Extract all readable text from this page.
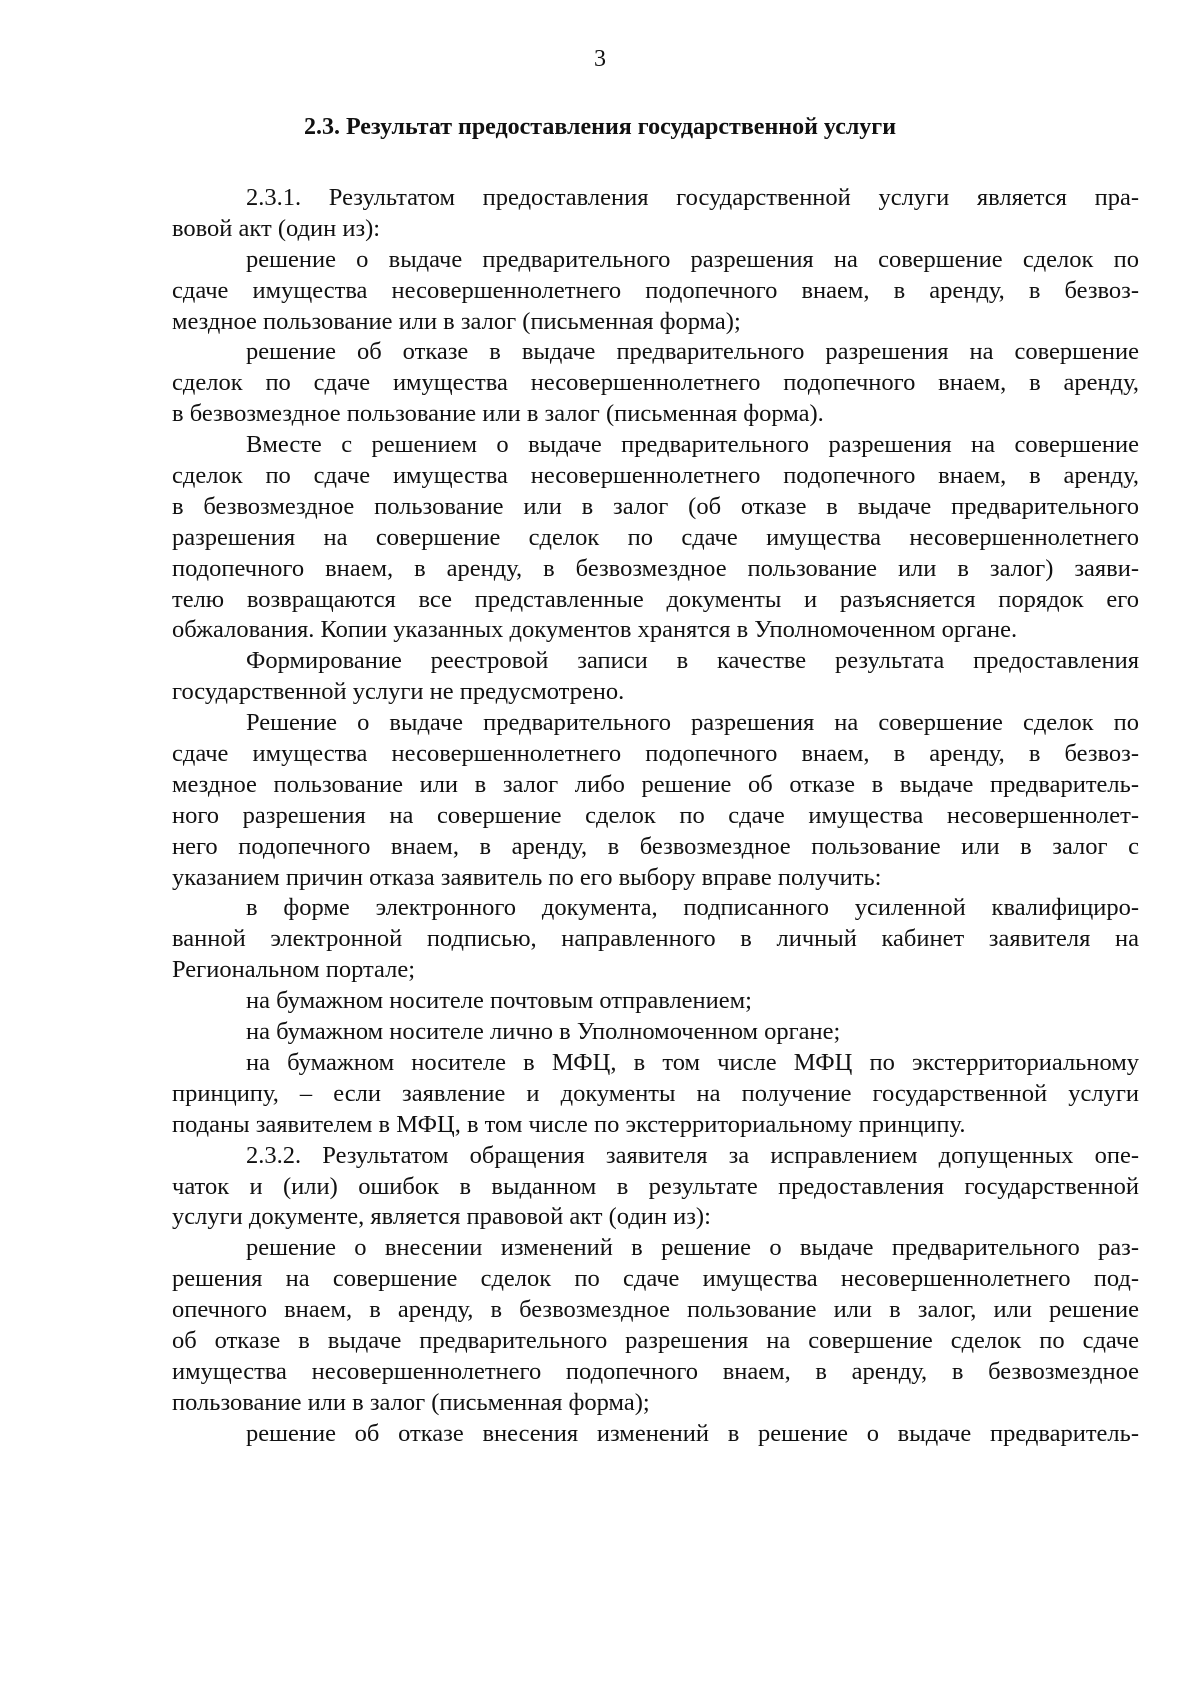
3
2.3. Результат предоставления государственной услуги
2.3.1. Результатом предоставления государственной услуги является пра-
вовой акт (один из):
решение о выдаче предварительного разрешения на совершение сделок по
сдаче имущества несовершеннолетнего подопечного внаем, в аренду, в безвоз-
мездное пользование или в залог (письменная форма);
решение об отказе в выдаче предварительного разрешения на совершение
сделок по сдаче имущества несовершеннолетнего подопечного внаем, в аренду,
в безвозмездное пользование или в залог (письменная форма).
Вместе с решением о выдаче предварительного разрешения на совершение
сделок по сдаче имущества несовершеннолетнего подопечного внаем, в аренду,
в безвозмездное пользование или в залог (об отказе в выдаче предварительного
разрешения на совершение сделок по сдаче имущества несовершеннолетнего
подопечного внаем, в аренду, в безвозмездное пользование или в залог) заяви-
телю возвращаются все представленные документы и разъясняется порядок его
обжалования. Копии указанных документов хранятся в Уполномоченном органе.
Формирование реестровой записи в качестве результата предоставления
государственной услуги не предусмотрено.
Решение о выдаче предварительного разрешения на совершение сделок по
сдаче имущества несовершеннолетнего подопечного внаем, в аренду, в безвоз-
мездное пользование или в залог либо решение об отказе в выдаче предваритель-
ного разрешения на совершение сделок по сдаче имущества несовершеннолет-
него подопечного внаем, в аренду, в безвозмездное пользование или в залог с
указанием причин отказа заявитель по его выбору вправе получить:
в форме электронного документа, подписанного усиленной квалифициро-
ванной электронной подписью, направленного в личный кабинет заявителя на
Региональном портале;
на бумажном носителе почтовым отправлением;
на бумажном носителе лично в Уполномоченном органе;
на бумажном носителе в МФЦ, в том числе МФЦ по экстерриториальному
принципу, – если заявление и документы на получение государственной услуги
поданы заявителем в МФЦ, в том числе по экстерриториальному принципу.
2.3.2. Результатом обращения заявителя за исправлением допущенных опе-
чаток и (или) ошибок в выданном в результате предоставления государственной
услуги документе, является правовой акт (один из):
решение о внесении изменений в решение о выдаче предварительного раз-
решения на совершение сделок по сдаче имущества несовершеннолетнего под-
опечного внаем, в аренду, в безвозмездное пользование или в залог, или решение
об отказе в выдаче предварительного разрешения на совершение сделок по сдаче
имущества несовершеннолетнего подопечного внаем, в аренду, в безвозмездное
пользование или в залог (письменная форма);
решение об отказе внесения изменений в решение о выдаче предваритель-
